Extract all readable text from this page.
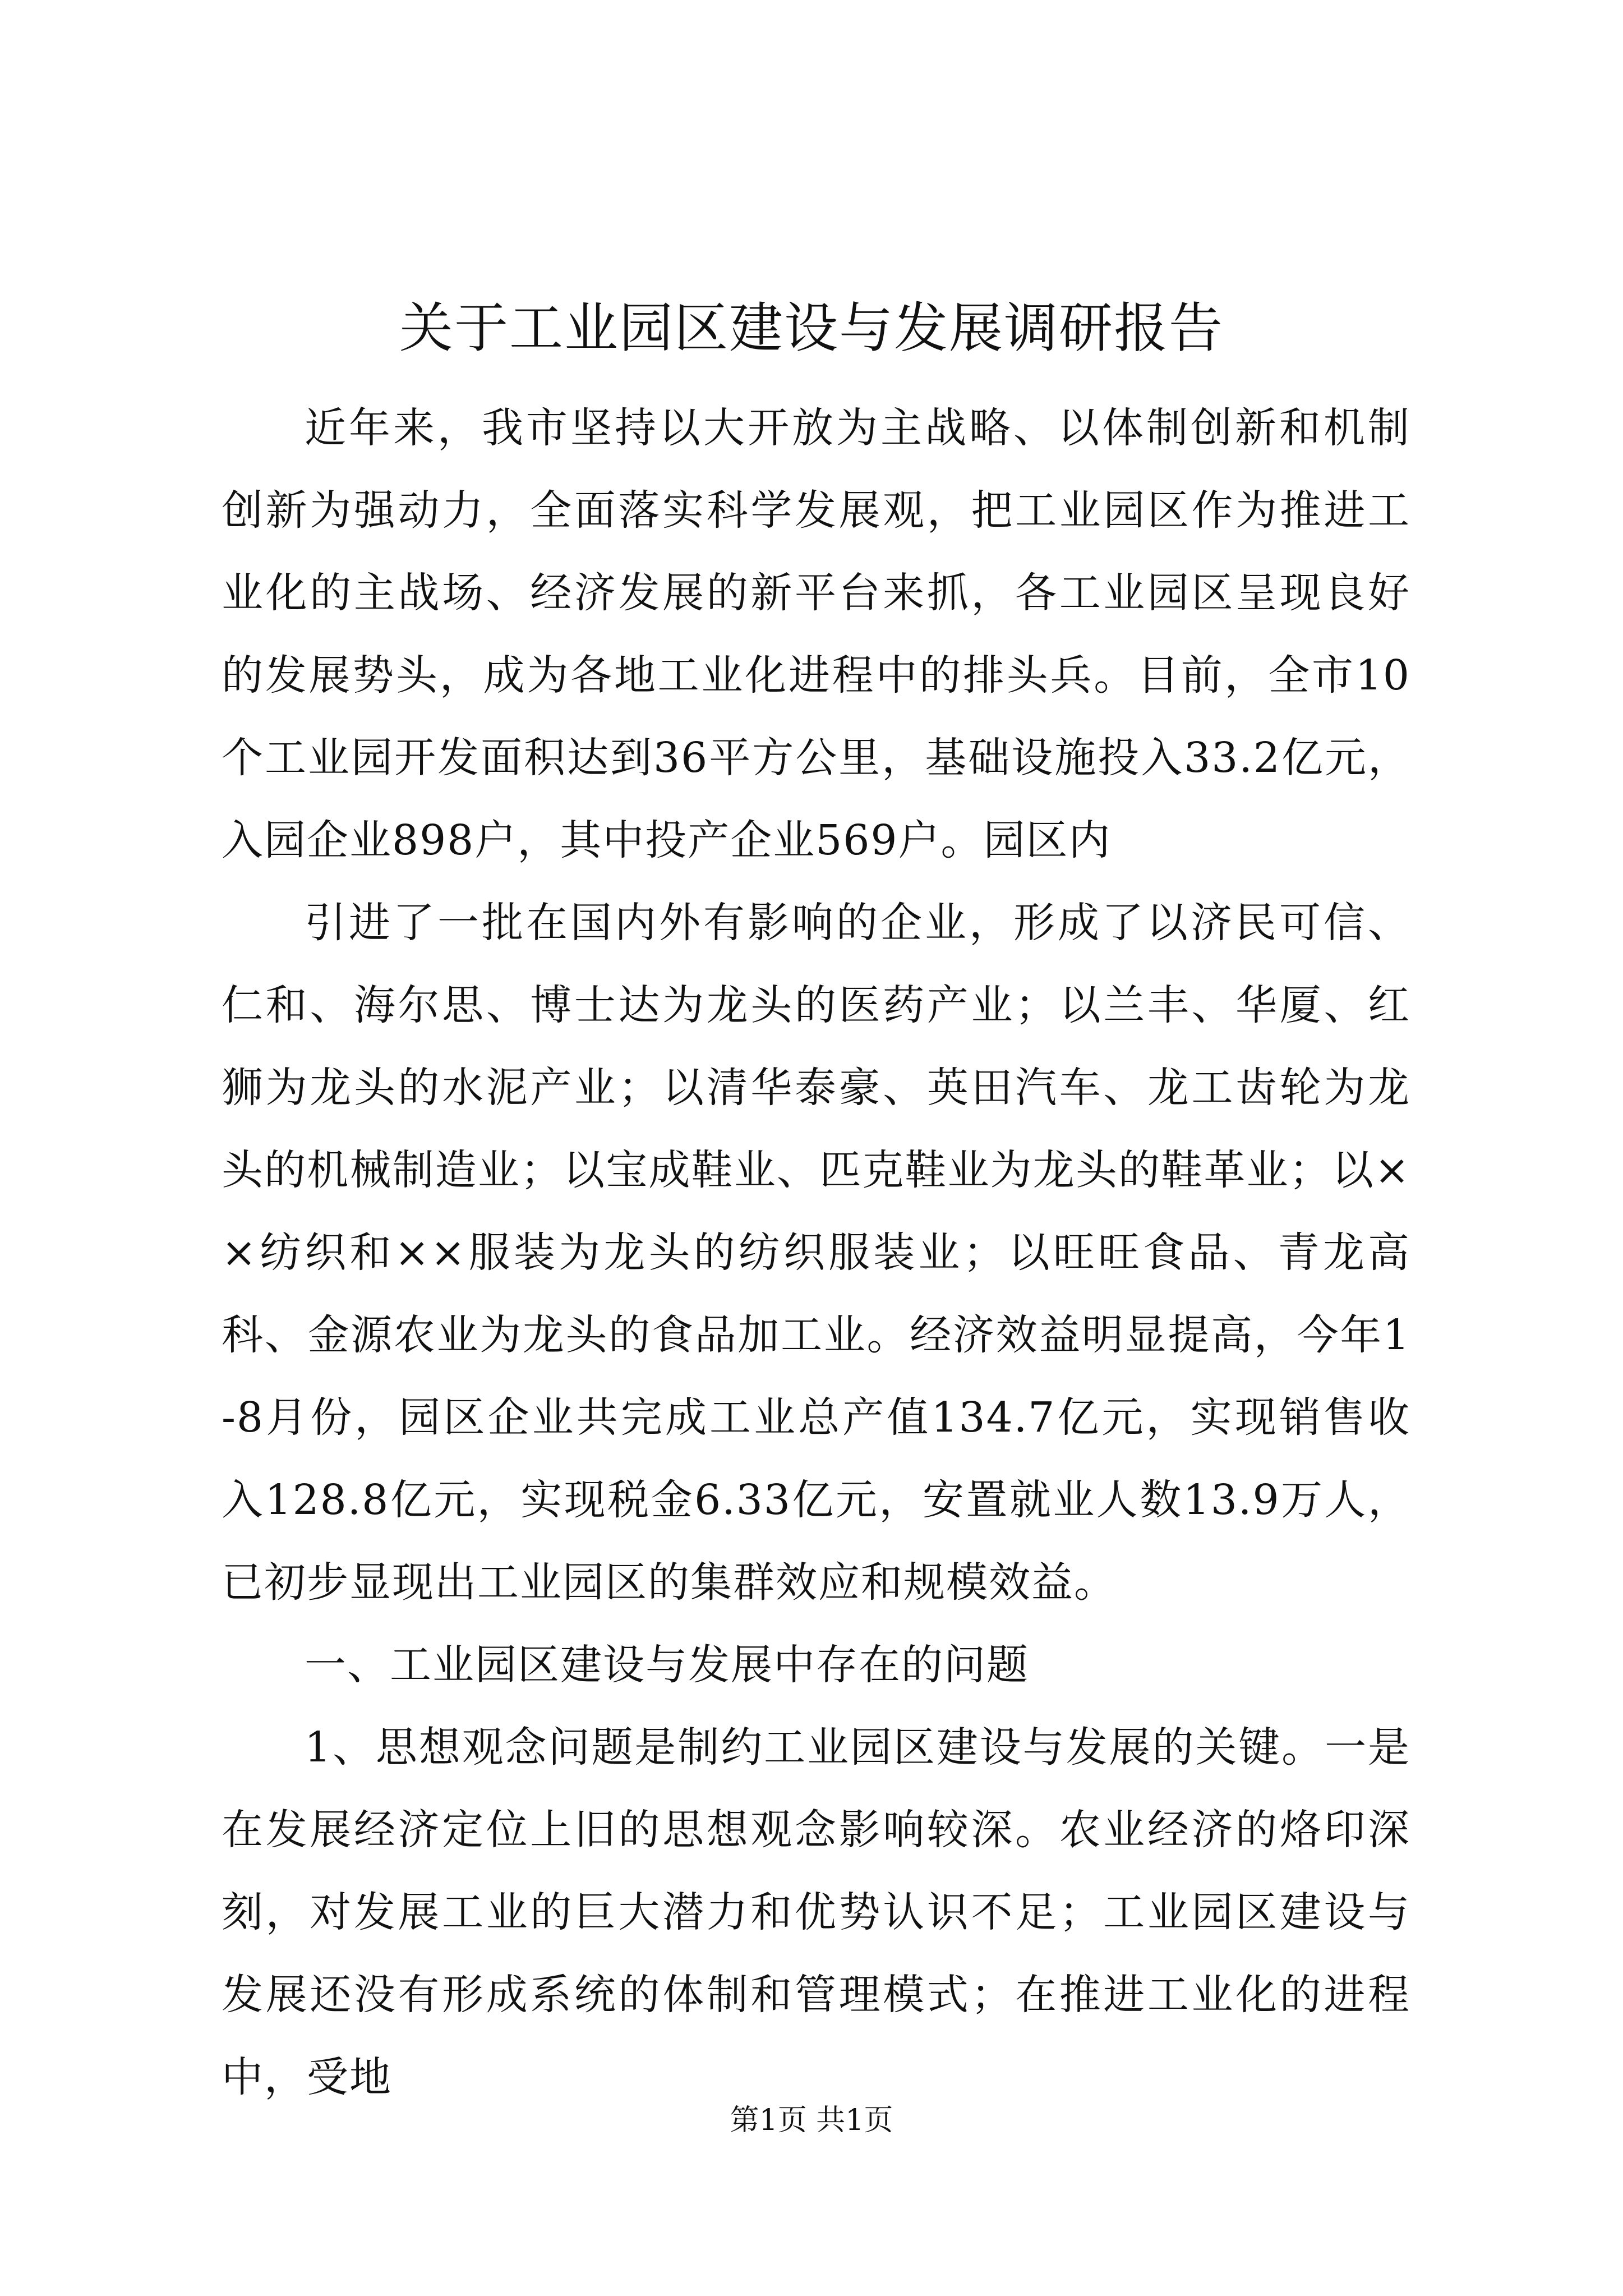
关于工业园区建设与发展调研报告

近年来，我市坚持以大开放为主战略、以体制创新和机制创新为强动力，全面落实科学发展观，把工业园区作为推进工业化的主战场、经济发展的新平台来抓，各工业园区呈现良好的发展势头，成为各地工业化进程中的排头兵。目前，全市10个工业园开发面积达到36平方公里，基础设施投入33.2亿元，入园企业898户，其中投产企业569户。园区内

引进了一批在国内外有影响的企业，形成了以济民可信、仁和、海尔思、博士达为龙头的医药产业；以兰丰、华厦、红狮为龙头的水泥产业；以清华泰豪、英田汽车、龙工齿轮为龙头的机械制造业；以宝成鞋业、匹克鞋业为龙头的鞋革业；以××纺织和××服装为龙头的纺织服装业；以旺旺食品、青龙高科、金源农业为龙头的食品加工业。经济效益明显提高，今年1-8月份，园区企业共完成工业总产值134.7亿元，实现销售收入128.8亿元，实现税金6.33亿元，安置就业人数13.9万人，已初步显现出工业园区的集群效应和规模效益。

一、工业园区建设与发展中存在的问题

1、思想观念问题是制约工业园区建设与发展的关键。一是在发展经济定位上旧的思想观念影响较深。农业经济的烙印深刻，对发展工业的巨大潜力和优势认识不足；工业园区建设与发展还没有形成系统的体制和管理模式；在推进工业化的进程中，受地

第1页 共1页
